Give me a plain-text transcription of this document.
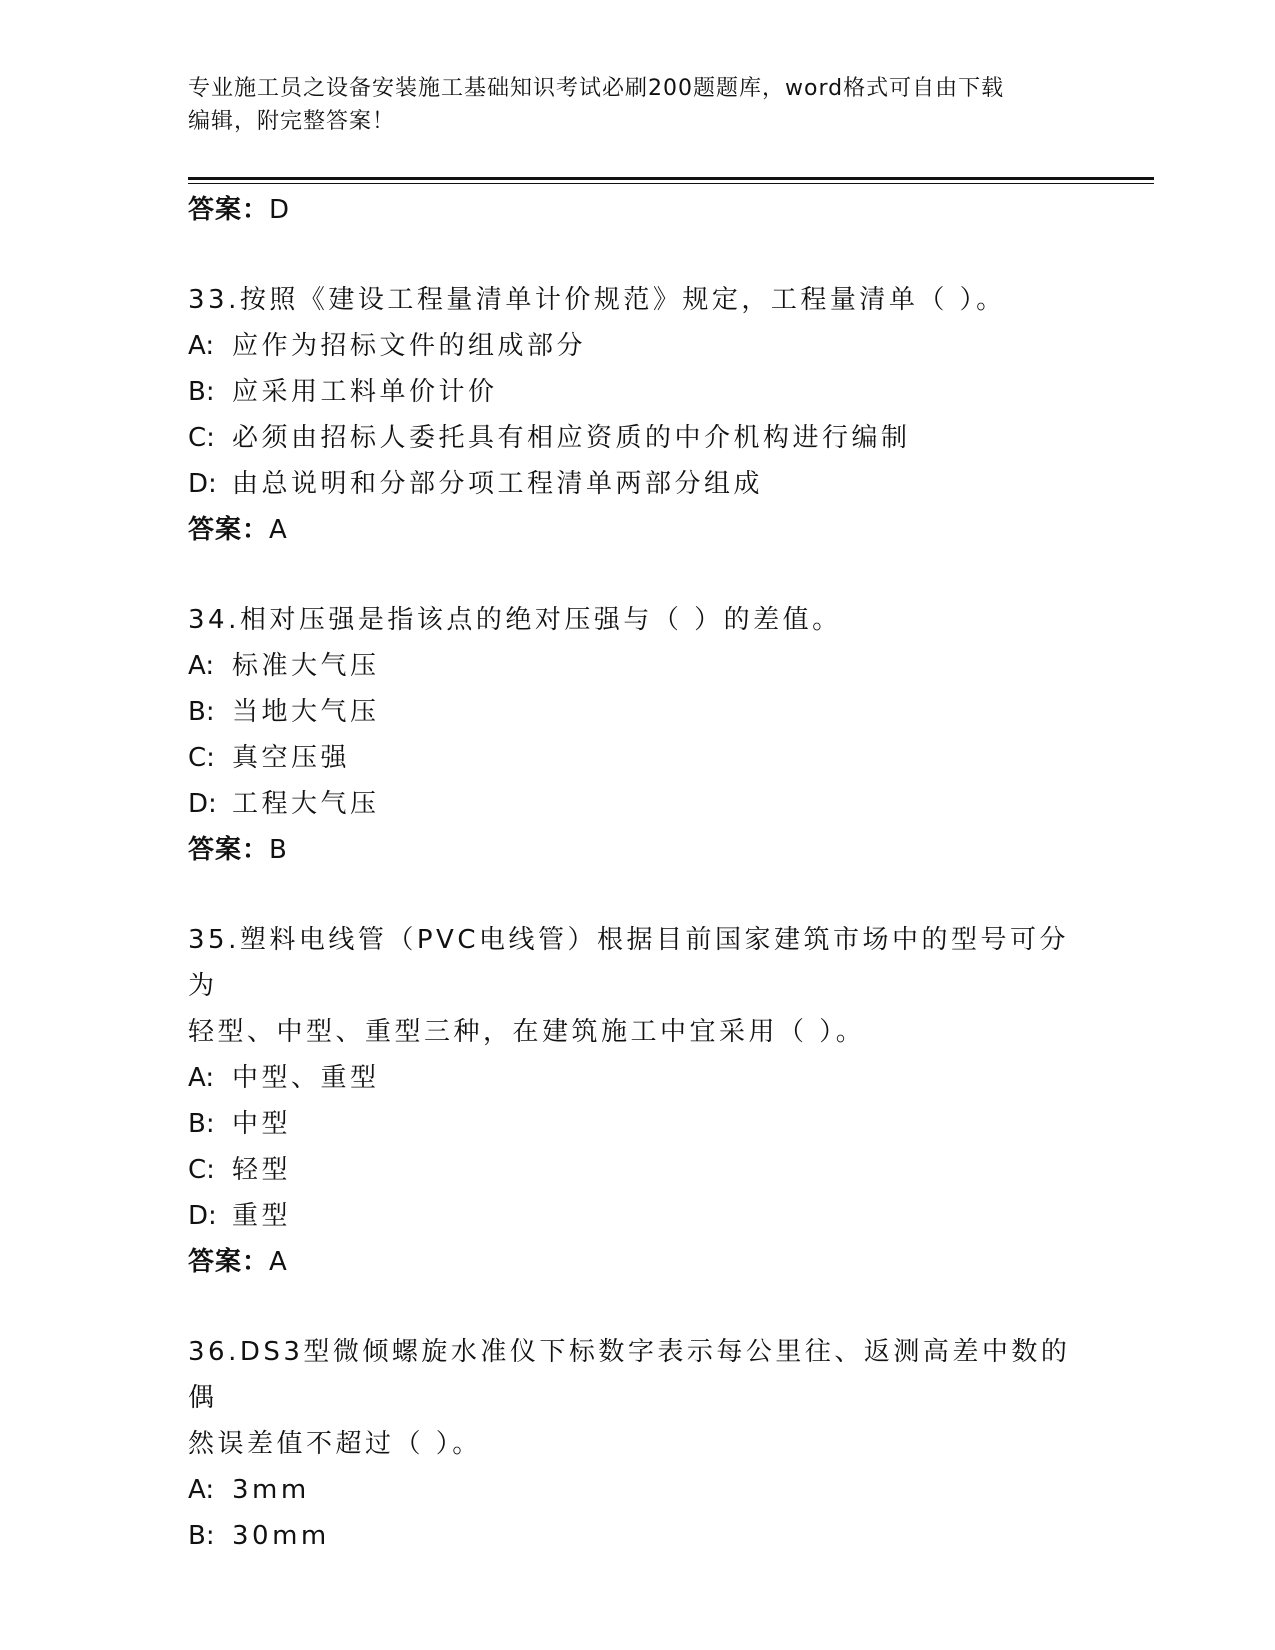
专业施工员之设备安装施工基础知识考试必刷200题题库，word格式可自由下载
编辑，附完整答案！
答案：D
33.按照《建设工程量清单计价规范》规定，工程量清单（ ）。
A: 应作为招标文件的组成部分
B: 应采用工料单价计价
C: 必须由招标人委托具有相应资质的中介机构进行编制
D: 由总说明和分部分项工程清单两部分组成
答案：A
34.相对压强是指该点的绝对压强与（ ）的差值。
A: 标准大气压
B: 当地大气压
C: 真空压强
D: 工程大气压
答案：B
35.塑料电线管（PVC电线管）根据目前国家建筑市场中的型号可分为
轻型、中型、重型三种，在建筑施工中宜采用（ ）。
A: 中型、重型
B: 中型
C: 轻型
D: 重型
答案：A
36.DS3型微倾螺旋水准仪下标数字表示每公里往、返测高差中数的偶
然误差值不超过（ ）。
A: 3mm
B: 30mm
